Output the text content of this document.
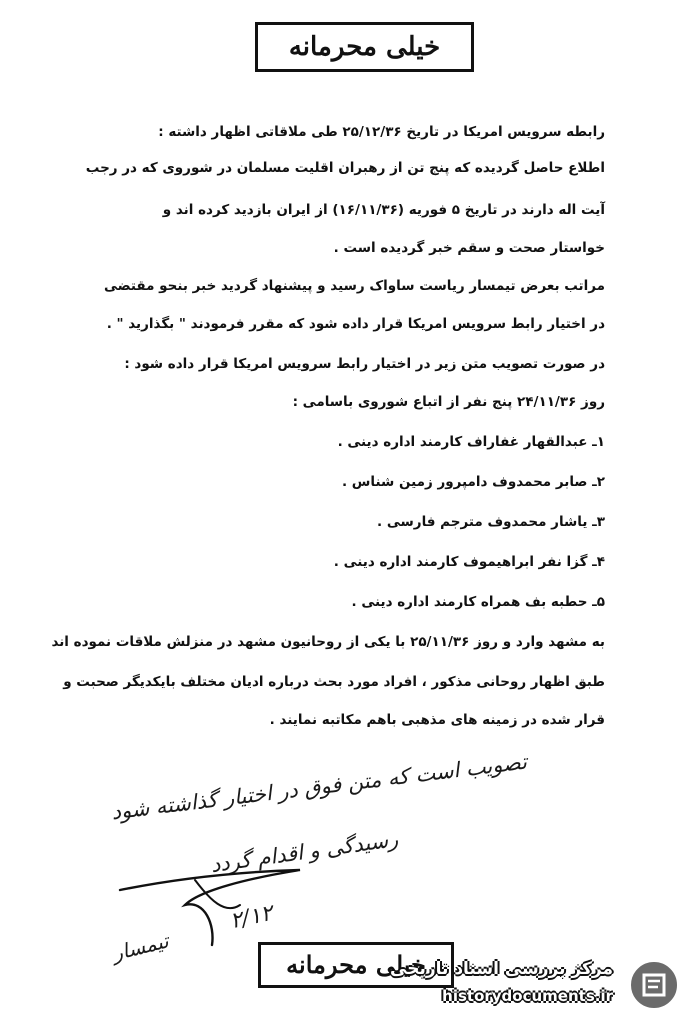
خیلی محرمانه
رابطه سرویس امریکا در تاریخ ۲۵/۱۲/۳۶ طی ملاقاتی اظهار داشته :
اطلاع حاصل گردیده که پنج تن از رهبران اقلیت مسلمان در شوروی که در رجب
آیت اله دارند در تاریخ ۵ فوریه (۱۶/۱۱/۳۶) از ایران بازدید کرده اند و
خواستار صحت و سقم خبر گردیده است .
مراتب بعرض تیمسار ریاست ساواک رسید و پیشنهاد گردید خبر بنحو مقتضی
در اختیار رابط سرویس امریکا قرار داده شود که مقرر فرمودند " بگذارید " .
در صورت تصویب متن زیر در اختیار رابط سرویس امریکا قرار داده شود :
روز ۲۴/۱۱/۳۶ پنج نفر از اتباع شوروی باسامی :
۱ـ عبدالقهار غفاراف کارمند اداره دینی .
۲ـ صابر محمدوف دامپرور زمین شناس .
۳ـ یاشار محمدوف مترجم فارسی .
۴ـ گزا نفر ابراهیموف کارمند اداره دینی .
۵ـ حطبه بف همراه کارمند اداره دینی .
به مشهد وارد و روز ۲۵/۱۱/۳۶ با یکی از روحانیون مشهد در منزلش ملاقات نموده اند
طبق اظهار روحانی مذکور ، افراد مورد بحث درباره ادیان مختلف بایکدیگر صحبت و
قرار شده در زمینه های مذهبی باهم مکاتبه نمایند .
تصویب است که متن فوق در اختیار گذاشته شود
رسیدگی و اقدام گردد
۲/۱۲
تیمسار	خیلی محرمانه
مرکز بررسی اسناد تاریخی
historydocuments.ir
